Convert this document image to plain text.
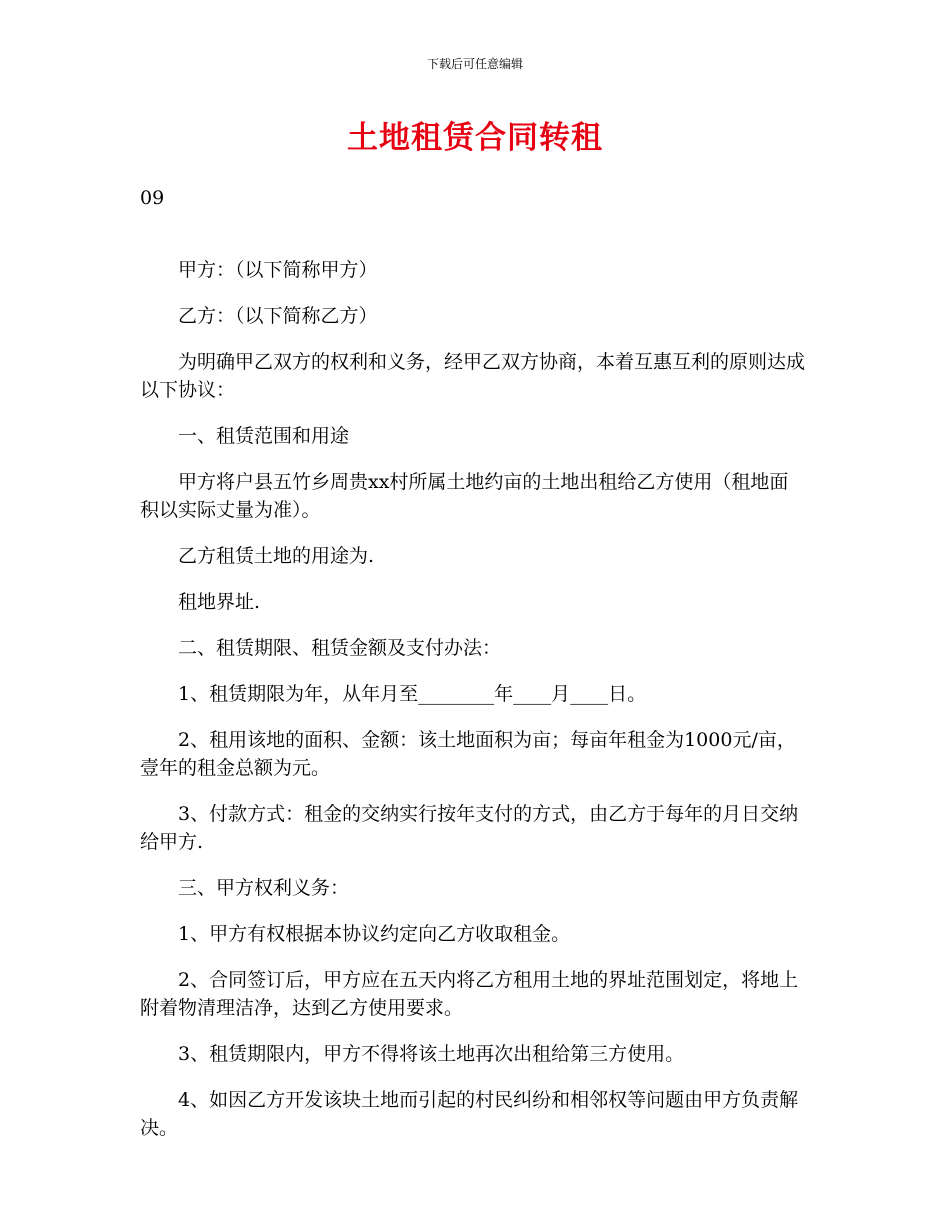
下载后可任意编辑
土地租赁合同转租
09

甲方：（以下简称甲方）

乙方：（以下简称乙方）

为明确甲乙双方的权利和义务，经甲乙双方协商，本着互惠互利的原则达成以下协议：

一、租赁范围和用途

甲方将户县五竹乡周贵xx村所属土地约亩的土地出租给乙方使用（租地面积以实际丈量为准）。

乙方租赁土地的用途为.

租地界址.

二、租赁期限、租赁金额及支付办法：

1、租赁期限为年，从年月至________年____月____日。

2、租用该地的面积、金额：该土地面积为亩；每亩年租金为1000元/亩，壹年的租金总额为元。

3、付款方式：租金的交纳实行按年支付的方式，由乙方于每年的月日交纳给甲方.

三、甲方权利义务：

1、甲方有权根据本协议约定向乙方收取租金。

2、合同签订后，甲方应在五天内将乙方租用土地的界址范围划定，将地上附着物清理洁净，达到乙方使用要求。

3、租赁期限内，甲方不得将该土地再次出租给第三方使用。

4、如因乙方开发该块土地而引起的村民纠纷和相邻权等问题由甲方负责解决。
